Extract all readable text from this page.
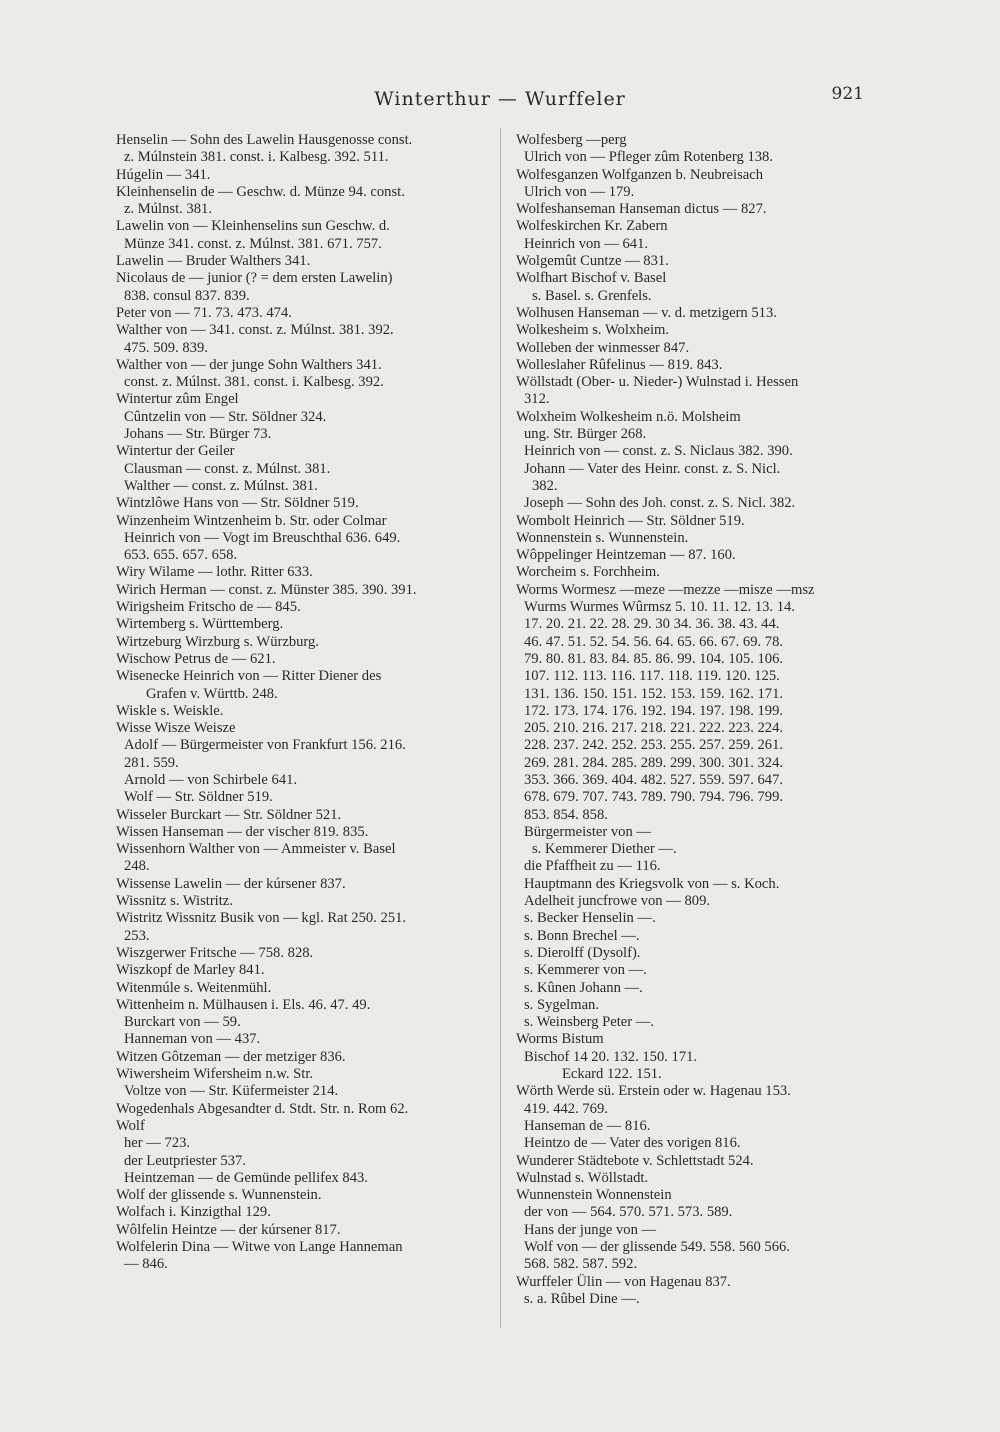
Winterthur — Wurffeler	921
Henselin — Sohn des Lawelin Hausgenosse const.
z. Múlnstein 381. const. i. Kalbesg. 392. 511.
Húgelin — 341.
Kleinhenselin de — Geschw. d. Münze 94. const.
z. Múlnst. 381.
Lawelin von — Kleinhenselins sun Geschw. d.
Münze 341. const. z. Múlnst. 381. 671. 757.
Lawelin — Bruder Walthers 341.
Nicolaus de — junior (? = dem ersten Lawelin)
838. consul 837. 839.
Peter von — 71. 73. 473. 474.
Walther von — 341. const. z. Múlnst. 381. 392.
475. 509. 839.
Walther von — der junge Sohn Walthers 341.
const. z. Múlnst. 381. const. i. Kalbesg. 392.
Wintertur zûm Engel
Cûntzelin von — Str. Söldner 324.
Johans — Str. Bürger 73.
Wintertur der Geiler
Clausman — const. z. Múlnst. 381.
Walther — const. z. Múlnst. 381.
Wintzlôwe Hans von — Str. Söldner 519.
Winzenheim Wintzenheim b. Str. oder Colmar
Heinrich von — Vogt im Breuschthal 636. 649.
653. 655. 657. 658.
Wiry Wilame — lothr. Ritter 633.
Wirich Herman — const. z. Münster 385. 390. 391.
Wirigsheim Fritscho de — 845.
Wirtemberg s. Württemberg.
Wirtzeburg Wirzburg s. Würzburg.
Wischow Petrus de — 621.
Wisenecke Heinrich von — Ritter Diener des
Grafen v. Württb. 248.
Wiskle s. Weiskle.
Wisse Wisze Weisze
Adolf — Bürgermeister von Frankfurt 156. 216.
281. 559.
Arnold — von Schirbele 641.
Wolf — Str. Söldner 519.
Wisseler Burckart — Str. Söldner 521.
Wissen Hanseman — der vischer 819. 835.
Wissenhorn Walther von — Ammeister v. Basel
248.
Wissense Lawelin — der kúrsener 837.
Wissnitz s. Wistritz.
Wistritz Wissnitz Busik von — kgl. Rat 250. 251.
253.
Wiszgerwer Fritsche — 758. 828.
Wiszkopf de Marley 841.
Witenmúle s. Weitenmühl.
Wittenheim n. Mülhausen i. Els. 46. 47. 49.
Burckart von — 59.
Hanneman von — 437.
Witzen Gôtzeman — der metziger 836.
Wiwersheim Wifersheim n.w. Str.
Voltze von — Str. Küfermeister 214.
Wogedenhals Abgesandter d. Stdt. Str. n. Rom 62.
Wolf
her — 723.
der Leutpriester 537.
Heintzeman — de Gemünde pellifex 843.
Wolf der glissende s. Wunnenstein.
Wolfach i. Kinzigthal 129.
Wôlfelin Heintze — der kúrsener 817.
Wolfelerin Dina — Witwe von Lange Hanneman
— 846.
Wolfesberg —perg
Ulrich von — Pfleger zûm Rotenberg 138.
Wolfesganzen Wolfganzen b. Neubreisach
Ulrich von — 179.
Wolfeshanseman Hanseman dictus — 827.
Wolfeskirchen Kr. Zabern
Heinrich von — 641.
Wolgemût Cuntze — 831.
Wolfhart Bischof v. Basel
s. Basel. s. Grenfels.
Wolhusen Hanseman — v. d. metzigern 513.
Wolkesheim s. Wolxheim.
Wolleben der winmesser 847.
Wolleslaher Rûfelinus — 819. 843.
Wöllstadt (Ober- u. Nieder-) Wulnstad i. Hessen
312.
Wolxheim Wolkesheim n.ö. Molsheim
ung. Str. Bürger 268.
Heinrich von — const. z. S. Niclaus 382. 390.
Johann — Vater des Heinr. const. z. S. Nicl.
382.
Joseph — Sohn des Joh. const. z. S. Nicl. 382.
Wombolt Heinrich — Str. Söldner 519.
Wonnenstein s. Wunnenstein.
Wôppelinger Heintzeman — 87. 160.
Worcheim s. Forchheim.
Worms Wormesz —meze —mezze —misze —msz
Wurms Wurmes Wûrmsz 5. 10. 11. 12. 13. 14.
17. 20. 21. 22. 28. 29. 30 34. 36. 38. 43. 44.
46. 47. 51. 52. 54. 56. 64. 65. 66. 67. 69. 78.
79. 80. 81. 83. 84. 85. 86. 99. 104. 105. 106.
107. 112. 113. 116. 117. 118. 119. 120. 125.
131. 136. 150. 151. 152. 153. 159. 162. 171.
172. 173. 174. 176. 192. 194. 197. 198. 199.
205. 210. 216. 217. 218. 221. 222. 223. 224.
228. 237. 242. 252. 253. 255. 257. 259. 261.
269. 281. 284. 285. 289. 299. 300. 301. 324.
353. 366. 369. 404. 482. 527. 559. 597. 647.
678. 679. 707. 743. 789. 790. 794. 796. 799.
853. 854. 858.
Bürgermeister von —
s. Kemmerer Diether —.
die Pfaffheit zu — 116.
Hauptmann des Kriegsvolk von — s. Koch.
Adelheit juncfrowe von — 809.
s. Becker Henselin —.
s. Bonn Brechel —.
s. Dierolff (Dysolf).
s. Kemmerer von —.
s. Kûnen Johann —.
s. Sygelman.
s. Weinsberg Peter —.
Worms Bistum
Bischof 14 20. 132. 150. 171.
Eckard 122. 151.
Wörth Werde sü. Erstein oder w. Hagenau 153.
419. 442. 769.
Hanseman de — 816.
Heintzo de — Vater des vorigen 816.
Wunderer Städtebote v. Schlettstadt 524.
Wulnstad s. Wöllstadt.
Wunnenstein Wonnenstein
der von — 564. 570. 571. 573. 589.
Hans der junge von —
Wolf von — der glissende 549. 558. 560 566.
568. 582. 587. 592.
Wurffeler Ülin — von Hagenau 837.
s. a. Rûbel Dine —.
